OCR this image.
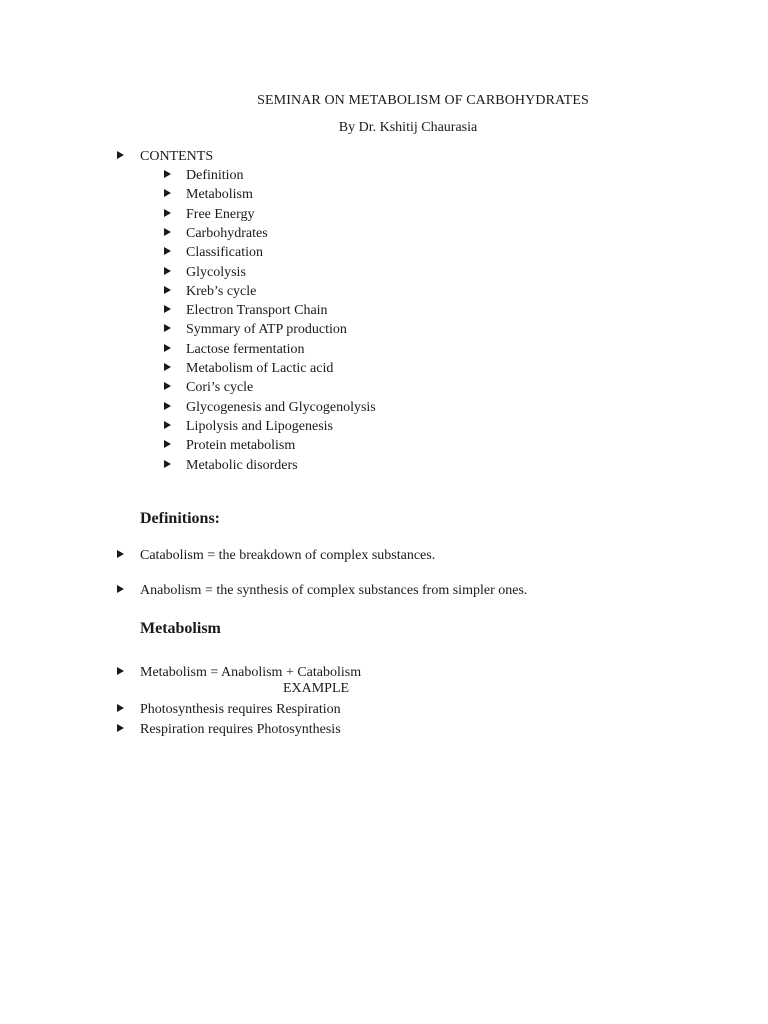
SEMINAR ON METABOLISM OF CARBOHYDRATES
By Dr. Kshitij Chaurasia
CONTENTS
Definition
Metabolism
Free Energy
Carbohydrates
Classification
Glycolysis
Kreb’s cycle
Electron Transport Chain
Symmary of ATP production
Lactose fermentation
Metabolism of Lactic acid
Cori’s cycle
Glycogenesis and Glycogenolysis
Lipolysis and Lipogenesis
Protein metabolism
Metabolic disorders
Definitions:
Catabolism = the breakdown of complex substances.
Anabolism = the synthesis of complex substances from simpler ones.
Metabolism
Metabolism = Anabolism + Catabolism
EXAMPLE
Photosynthesis requires Respiration
Respiration requires Photosynthesis
